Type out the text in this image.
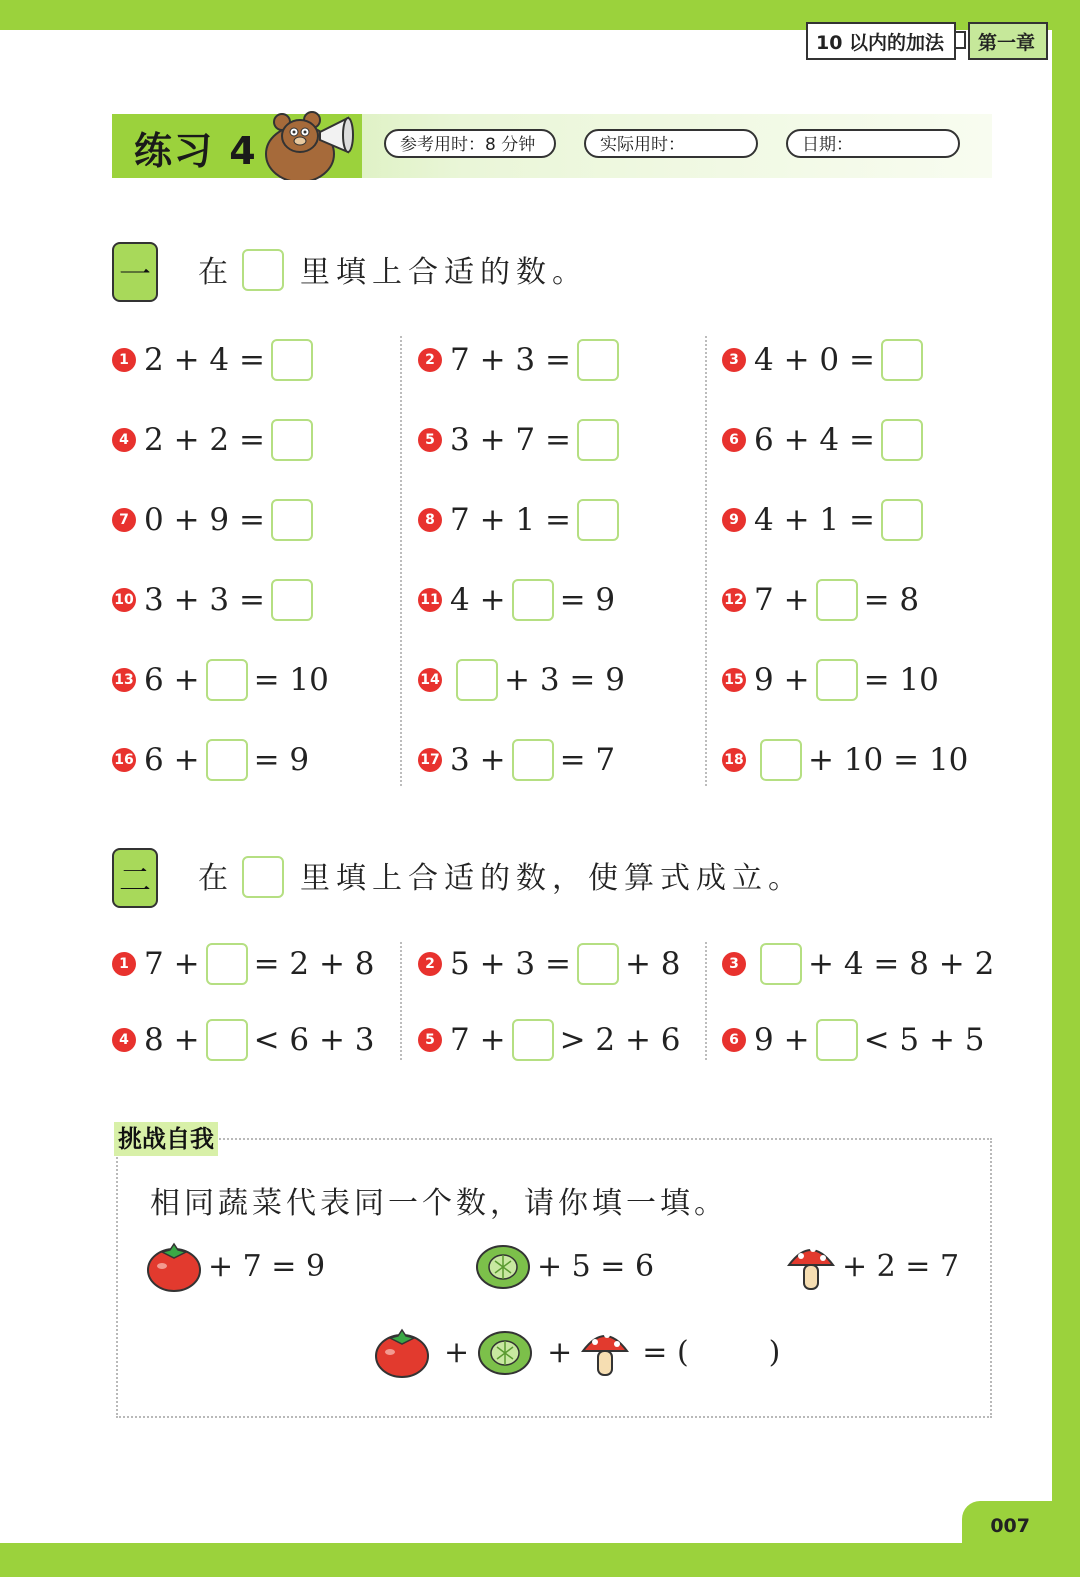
007
10 以内的加法	第一章
练习 4	参考用时：8 分钟	实际用时：	日期：
一 在 里填上合适的数。
1 2 + 4 =	2 7 + 3 =	3 4 + 0 =
4 2 + 2 =	5 3 + 7 =	6 6 + 4 =
7 0 + 9 =	8 7 + 1 =	9 4 + 1 =
10 3 + 3 =	11 4 + = 9	12 7 + = 8
13 6 + = 10	14 + 3 = 9	15 9 + = 10
16 6 + = 9	17 3 + = 7	18 + 10 = 10
二 在 里填上合适的数，使算式成立。
1 7 + = 2 + 8	2 5 + 3 = + 8	3 + 4 = 8 + 2
4 8 + < 6 + 3	5 7 + > 2 + 6	6 9 + < 5 + 5
挑战自我
相同蔬菜代表同一个数，请你填一填。
+ 7 = 9	+ 5 = 6	+ 2 = 7
+	+ = (	)
